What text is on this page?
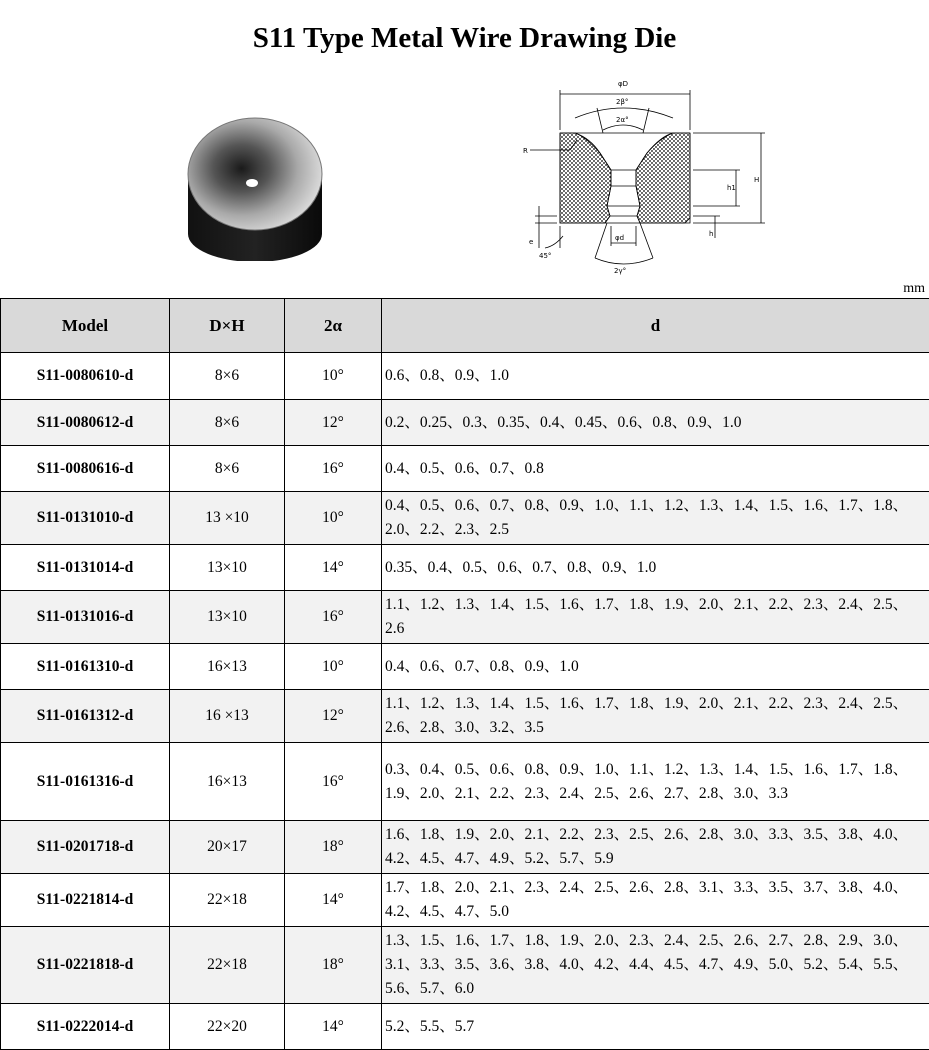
S11 Type Metal Wire Drawing Die
φD
2β°
2α°
R
H
h1
h
e
45°
φd
2γ°
mm
Model	D×H	2α	d
S11-0080610-d	8×6	10°	0.6、0.8、0.9、1.0
S11-0080612-d	8×6	12°	0.2、0.25、0.3、0.35、0.4、0.45、0.6、0.8、0.9、1.0
S11-0080616-d	8×6	16°	0.4、0.5、0.6、0.7、0.8
S11-0131010-d	13 ×10	10°	0.4、0.5、0.6、0.7、0.8、0.9、1.0、1.1、1.2、1.3、1.4、1.5、1.6、1.7、1.8、2.0、2.2、2.3、2.5
S11-0131014-d	13×10	14°	0.35、0.4、0.5、0.6、0.7、0.8、0.9、1.0
S11-0131016-d	13×10	16°	1.1、1.2、1.3、1.4、1.5、1.6、1.7、1.8、1.9、2.0、2.1、2.2、2.3、2.4、2.5、2.6
S11-0161310-d	16×13	10°	0.4、0.6、0.7、0.8、0.9、1.0
S11-0161312-d	16 ×13	12°	1.1、1.2、1.3、1.4、1.5、1.6、1.7、1.8、1.9、2.0、2.1、2.2、2.3、2.4、2.5、2.6、2.8、3.0、3.2、3.5
S11-0161316-d	16×13	16°	0.3、0.4、0.5、0.6、0.8、0.9、1.0、1.1、1.2、1.3、1.4、1.5、1.6、1.7、1.8、1.9、2.0、2.1、2.2、2.3、2.4、2.5、2.6、2.7、2.8、3.0、3.3
S11-0201718-d	20×17	18°	1.6、1.8、1.9、2.0、2.1、2.2、2.3、2.5、2.6、2.8、3.0、3.3、3.5、3.8、4.0、4.2、4.5、4.7、4.9、5.2、5.7、5.9
S11-0221814-d	22×18	14°	1.7、1.8、2.0、2.1、2.3、2.4、2.5、2.6、2.8、3.1、3.3、3.5、3.7、3.8、4.0、4.2、4.5、4.7、5.0
S11-0221818-d	22×18	18°	1.3、1.5、1.6、1.7、1.8、1.9、2.0、2.3、2.4、2.5、2.6、2.7、2.8、2.9、3.0、3.1、3.3、3.5、3.6、3.8、4.0、4.2、4.4、4.5、4.7、4.9、5.0、5.2、5.4、5.5、5.6、5.7、6.0
S11-0222014-d	22×20	14°	5.2、5.5、5.7
